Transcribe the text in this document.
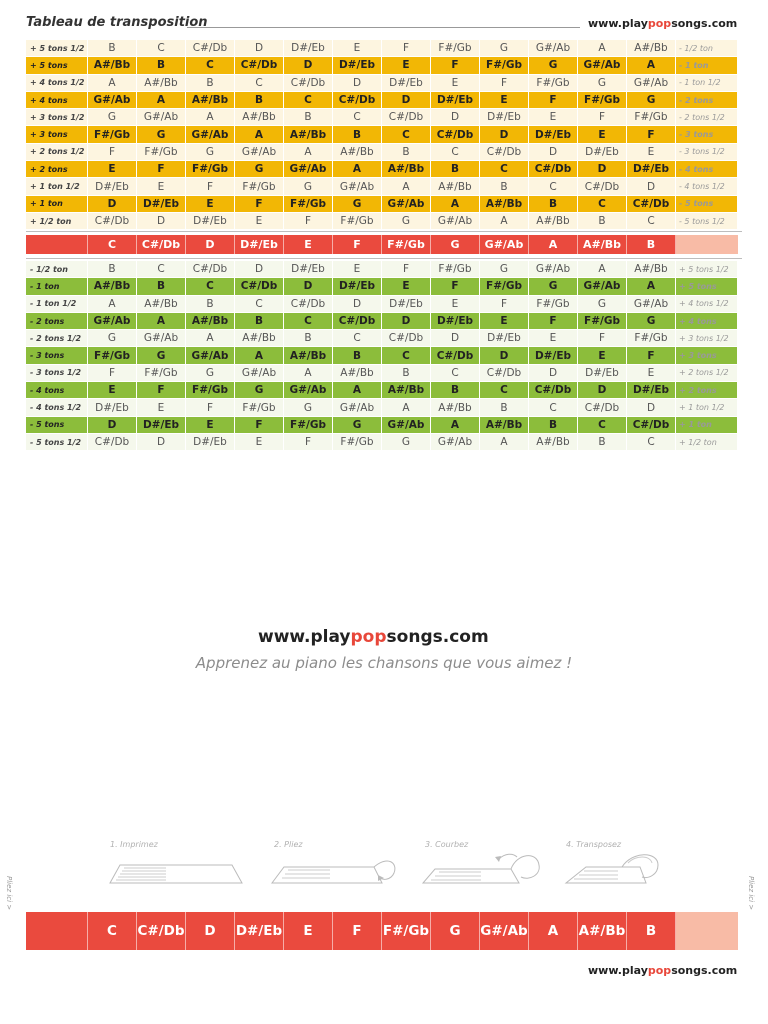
Tableau de transposition	www.playpopsongs.com
+ 5 tons 1/2	B	C	C#/Db	D	D#/Eb	E	F	F#/Gb	G	G#/Ab	A	A#/Bb	- 1/2 ton
+ 5 tons	A#/Bb	B	C	C#/Db	D	D#/Eb	E	F	F#/Gb	G	G#/Ab	A	- 1 ton
+ 4 tons 1/2	A	A#/Bb	B	C	C#/Db	D	D#/Eb	E	F	F#/Gb	G	G#/Ab	- 1 ton 1/2
+ 4 tons	G#/Ab	A	A#/Bb	B	C	C#/Db	D	D#/Eb	E	F	F#/Gb	G	- 2 tons
+ 3 tons 1/2	G	G#/Ab	A	A#/Bb	B	C	C#/Db	D	D#/Eb	E	F	F#/Gb	- 2 tons 1/2
+ 3 tons	F#/Gb	G	G#/Ab	A	A#/Bb	B	C	C#/Db	D	D#/Eb	E	F	- 3 tons
+ 2 tons 1/2	F	F#/Gb	G	G#/Ab	A	A#/Bb	B	C	C#/Db	D	D#/Eb	E	- 3 tons 1/2
+ 2 tons	E	F	F#/Gb	G	G#/Ab	A	A#/Bb	B	C	C#/Db	D	D#/Eb	- 4 tons
+ 1 ton 1/2	D#/Eb	E	F	F#/Gb	G	G#/Ab	A	A#/Bb	B	C	C#/Db	D	- 4 tons 1/2
+ 1 ton	D	D#/Eb	E	F	F#/Gb	G	G#/Ab	A	A#/Bb	B	C	C#/Db	- 5 tons
+ 1/2 ton	C#/Db	D	D#/Eb	E	F	F#/Gb	G	G#/Ab	A	A#/Bb	B	C	- 5 tons 1/2
C	C#/Db	D	D#/Eb	E	F	F#/Gb	G	G#/Ab	A	A#/Bb	B
- 1/2 ton	B	C	C#/Db	D	D#/Eb	E	F	F#/Gb	G	G#/Ab	A	A#/Bb	+ 5 tons 1/2
- 1 ton	A#/Bb	B	C	C#/Db	D	D#/Eb	E	F	F#/Gb	G	G#/Ab	A	+ 5 tons
- 1 ton 1/2	A	A#/Bb	B	C	C#/Db	D	D#/Eb	E	F	F#/Gb	G	G#/Ab	+ 4 tons 1/2
- 2 tons	G#/Ab	A	A#/Bb	B	C	C#/Db	D	D#/Eb	E	F	F#/Gb	G	+ 4 tons
- 2 tons 1/2	G	G#/Ab	A	A#/Bb	B	C	C#/Db	D	D#/Eb	E	F	F#/Gb	+ 3 tons 1/2
- 3 tons	F#/Gb	G	G#/Ab	A	A#/Bb	B	C	C#/Db	D	D#/Eb	E	F	+ 3 tons
- 3 tons 1/2	F	F#/Gb	G	G#/Ab	A	A#/Bb	B	C	C#/Db	D	D#/Eb	E	+ 2 tons 1/2
- 4 tons	E	F	F#/Gb	G	G#/Ab	A	A#/Bb	B	C	C#/Db	D	D#/Eb	+ 2 tons
- 4 tons 1/2	D#/Eb	E	F	F#/Gb	G	G#/Ab	A	A#/Bb	B	C	C#/Db	D	+ 1 ton 1/2
- 5 tons	D	D#/Eb	E	F	F#/Gb	G	G#/Ab	A	A#/Bb	B	C	C#/Db	+ 1 ton
- 5 tons 1/2	C#/Db	D	D#/Eb	E	F	F#/Gb	G	G#/Ab	A	A#/Bb	B	C	+ 1/2 ton
www.playpopsongs.com
Apprenez au piano les chansons que vous aimez !
1. Imprimez	2. Pliez	3. Courbez	4. Transposez
Pliez ici >	Pliez ici >
C	C#/Db	D	D#/Eb	E	F	F#/Gb	G	G#/Ab	A	A#/Bb	B
www.playpopsongs.com
